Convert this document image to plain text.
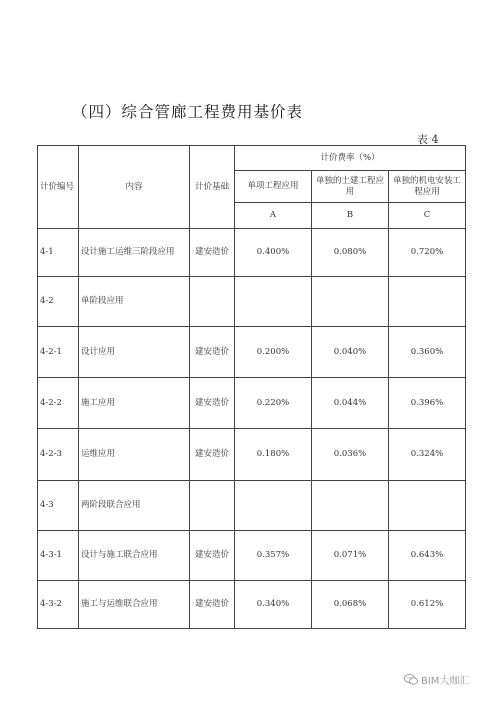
（四）综合管廊工程费用基价表
表 4
计价编号	内容	计价基础	计价费率（%）		
			单项工程应用	单独的土建工程应用	单独的机电安装工程应用
			A	B	C
4-1	设计施工运维三阶段应用	建安造价	0.400%	0.080%	0.720%
4-2	单阶段应用				
4-2-1	设计应用	建安造价	0.200%	0.040%	0.360%
4-2-2	施工应用	建安造价	0.220%	0.044%	0.396%
4-2-3	运维应用	建安造价	0.180%	0.036%	0.324%
4-3	两阶段联合应用				
4-3-1	设计与施工联合应用	建安造价	0.357%	0.071%	0.643%
4-3-2	施工与运维联合应用	建安造价	0.340%	0.068%	0.612%
BIM大咖汇
